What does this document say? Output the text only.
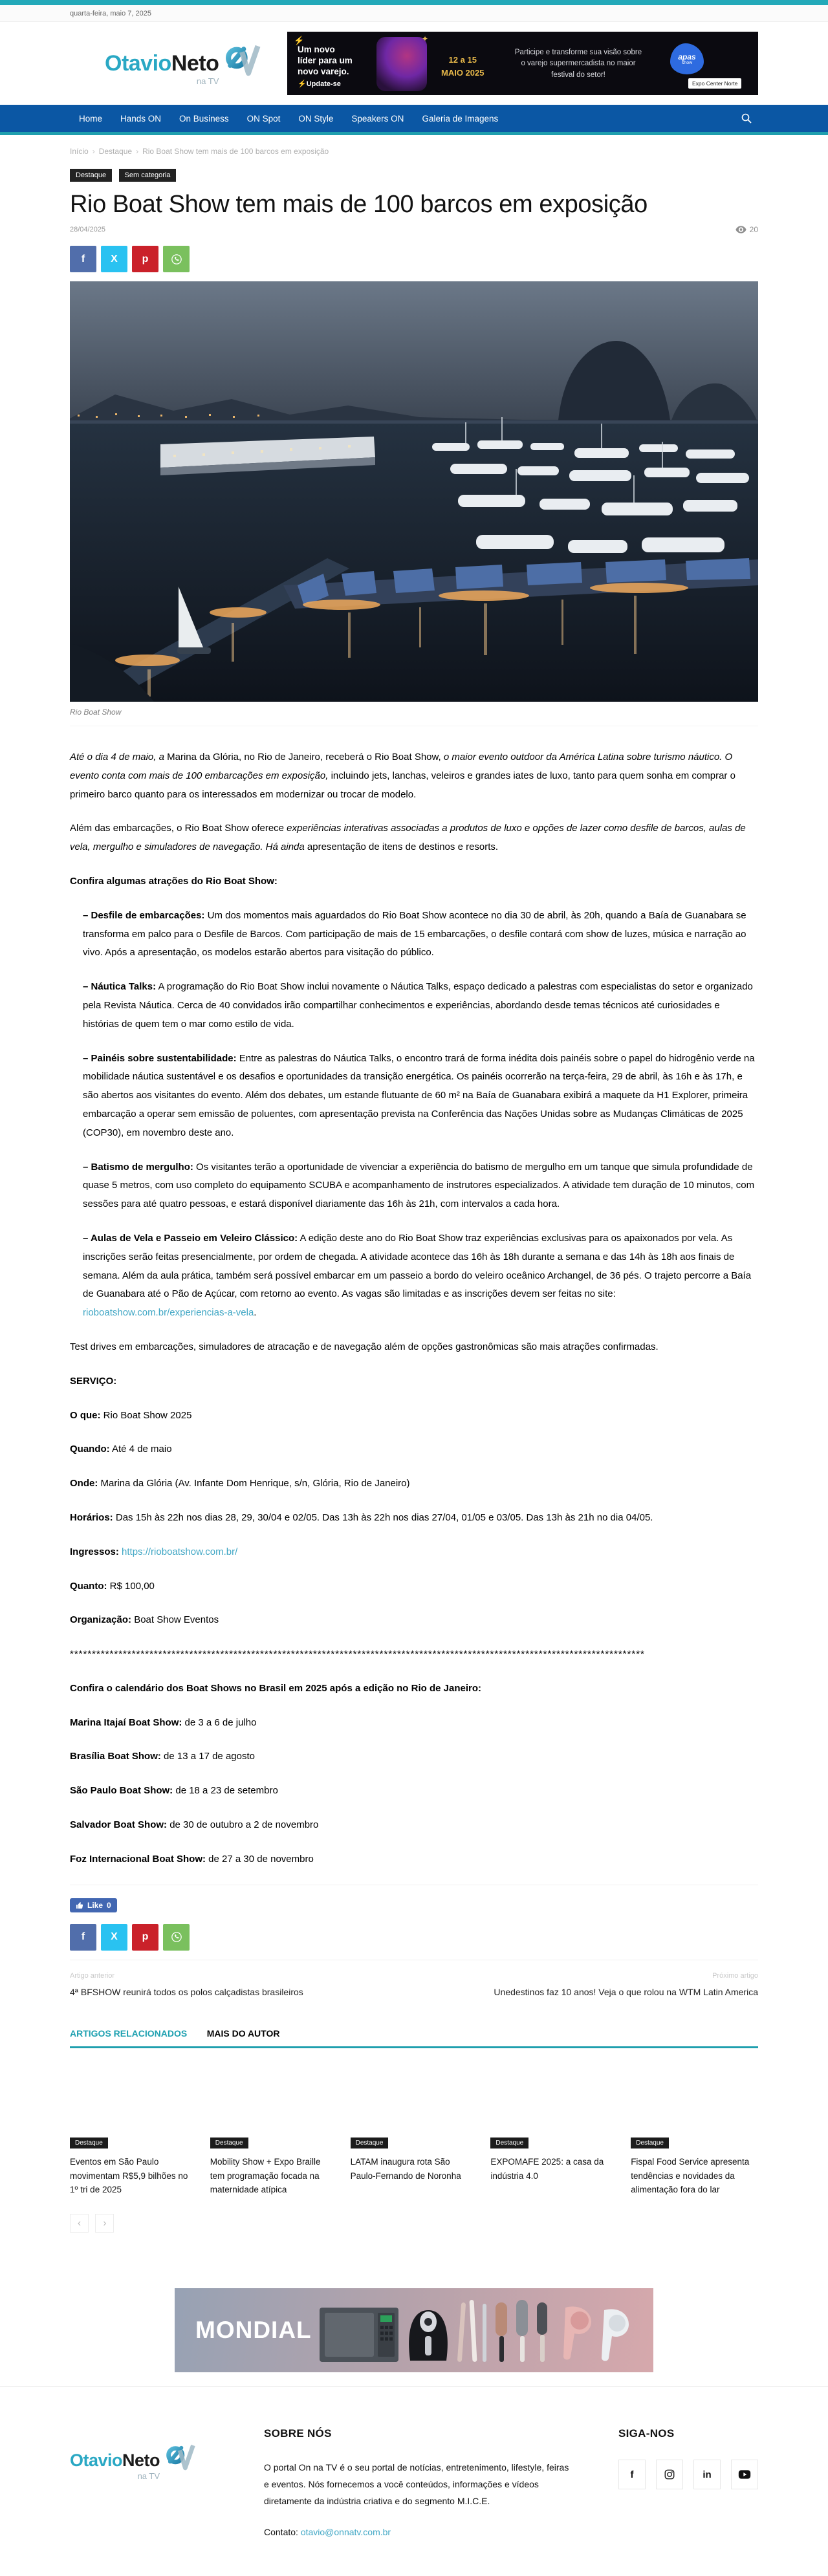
quarta-feira, maio 7, 2025
OtavioNeto
na TV
⚡
Um novo
líder para um
novo varejo.
⚡Update-se
✦
12 a 15
MAIO 2025
Participe e transforme sua visão sobre
o varejo supermercadista no maior
festival do setor!
apas
show
Expo Center Norte
Home	Hands ON	On Business	ON Spot	ON Style	Speakers ON	Galeria de Imagens
Início › Destaque › Rio Boat Show tem mais de 100 barcos em exposição
Destaque	Sem categoria
Rio Boat Show tem mais de 100 barcos em exposição
28/04/2025	20
f	X p
Rio Boat Show

Até o dia 4 de maio, a Marina da Glória, no Rio de Janeiro, receberá o Rio Boat Show, o maior evento outdoor da América Latina sobre turismo náutico. O evento conta com mais de 100 embarcações em exposição, incluindo jets, lanchas, veleiros e grandes iates de luxo, tanto para quem sonha em comprar o primeiro barco quanto para os interessados em modernizar ou trocar de modelo.

Além das embarcações, o Rio Boat Show oferece experiências interativas associadas a produtos de luxo e opções de lazer como desfile de barcos, aulas de vela, mergulho e simuladores de navegação. Há ainda apresentação de itens de destinos e resorts.

Confira algumas atrações do Rio Boat Show:

– Desfile de embarcações: Um dos momentos mais aguardados do Rio Boat Show acontece no dia 30 de abril, às 20h, quando a Baía de Guanabara se transforma em palco para o Desfile de Barcos. Com participação de mais de 15 embarcações, o desfile contará com show de luzes, música e narração ao vivo. Após a apresentação, os modelos estarão abertos para visitação do público.

– Náutica Talks: A programação do Rio Boat Show inclui novamente o Náutica Talks, espaço dedicado a palestras com especialistas do setor e organizado pela Revista Náutica. Cerca de 40 convidados irão compartilhar conhecimentos e experiências, abordando desde temas técnicos até curiosidades e histórias de quem tem o mar como estilo de vida.

– Painéis sobre sustentabilidade: Entre as palestras do Náutica Talks, o encontro trará de forma inédita dois painéis sobre o papel do hidrogênio verde na mobilidade náutica sustentável e os desafios e oportunidades da transição energética. Os painéis ocorrerão na terça-feira, 29 de abril, às 16h e às 17h, e são abertos aos visitantes do evento. Além dos debates, um estande flutuante de 60 m² na Baía de Guanabara exibirá a maquete da H1 Explorer, primeira embarcação a operar sem emissão de poluentes, com apresentação prevista na Conferência das Nações Unidas sobre as Mudanças Climáticas de 2025 (COP30), em novembro deste ano.

– Batismo de mergulho: Os visitantes terão a oportunidade de vivenciar a experiência do batismo de mergulho em um tanque que simula profundidade de quase 5 metros, com uso completo do equipamento SCUBA e acompanhamento de instrutores especializados. A atividade tem duração de 10 minutos, com sessões para até quatro pessoas, e estará disponível diariamente das 16h às 21h, com intervalos a cada hora.

– Aulas de Vela e Passeio em Veleiro Clássico: A edição deste ano do Rio Boat Show traz experiências exclusivas para os apaixonados por vela. As inscrições serão feitas presencialmente, por ordem de chegada. A atividade acontece das 16h às 18h durante a semana e das 14h às 18h aos finais de semana. Além da aula prática, também será possível embarcar em um passeio a bordo do veleiro oceânico Archangel, de 36 pés. O trajeto percorre a Baía de Guanabara até o Pão de Açúcar, com retorno ao evento. As vagas são limitadas e as inscrições devem ser feitas no site: rioboatshow.com.br/experiencias-a-vela.

Test drives em embarcações, simuladores de atracação e de navegação além de opções gastronômicas são mais atrações confirmadas.

SERVIÇO:

O que: Rio Boat Show 2025

Quando: Até 4 de maio

Onde: Marina da Glória (Av. Infante Dom Henrique, s/n, Glória, Rio de Janeiro)

Horários: Das 15h às 22h nos dias 28, 29, 30/04 e 02/05. Das 13h às 22h nos dias 27/04, 01/05 e 03/05. Das 13h às 21h no dia 04/05.

Ingressos: https://rioboatshow.com.br/

Quanto: R$ 100,00

Organização: Boat Show Eventos

**********************************************************************************************************************************

Confira o calendário dos Boat Shows no Brasil em 2025 após a edição no Rio de Janeiro:

Marina Itajaí Boat Show: de 3 a 6 de julho

Brasília Boat Show: de 13 a 17 de agosto

São Paulo Boat Show: de 18 a 23 de setembro

Salvador Boat Show: de 30 de outubro a 2 de novembro

Foz Internacional Boat Show: de 27 a 30 de novembro

Like 0
f	X p
Artigo anterior
4ª BFSHOW reunirá todos os polos calçadistas brasileiros
Próximo artigo
Unedestinos faz 10 anos! Veja o que rolou na WTM Latin America
ARTIGOS RELACIONADOS MAIS DO AUTOR
Destaque
Eventos em São Paulo movimentam R$5,9 bilhões no 1º tri de 2025
Destaque
Mobility Show + Expo Braille tem programação focada na maternidade atípica
Destaque
LATAM inaugura rota São Paulo-Fernando de Noronha
Destaque
EXPOMAFE 2025: a casa da indústria 4.0
Destaque
Fispal Food Service apresenta tendências e novidades da alimentação fora do lar
‹ ›
MONDIAL
OtavioNeto
na TV
SOBRE NÓS

O portal On na TV é o seu portal de notícias, entretenimento, lifestyle, feiras e eventos. Nós fornecemos a você conteúdos, informações e vídeos diretamente da indústria criativa e do segmento M.I.C.E.

Contato: otavio@onnatv.com.br
SIGA-NOS
f	in
